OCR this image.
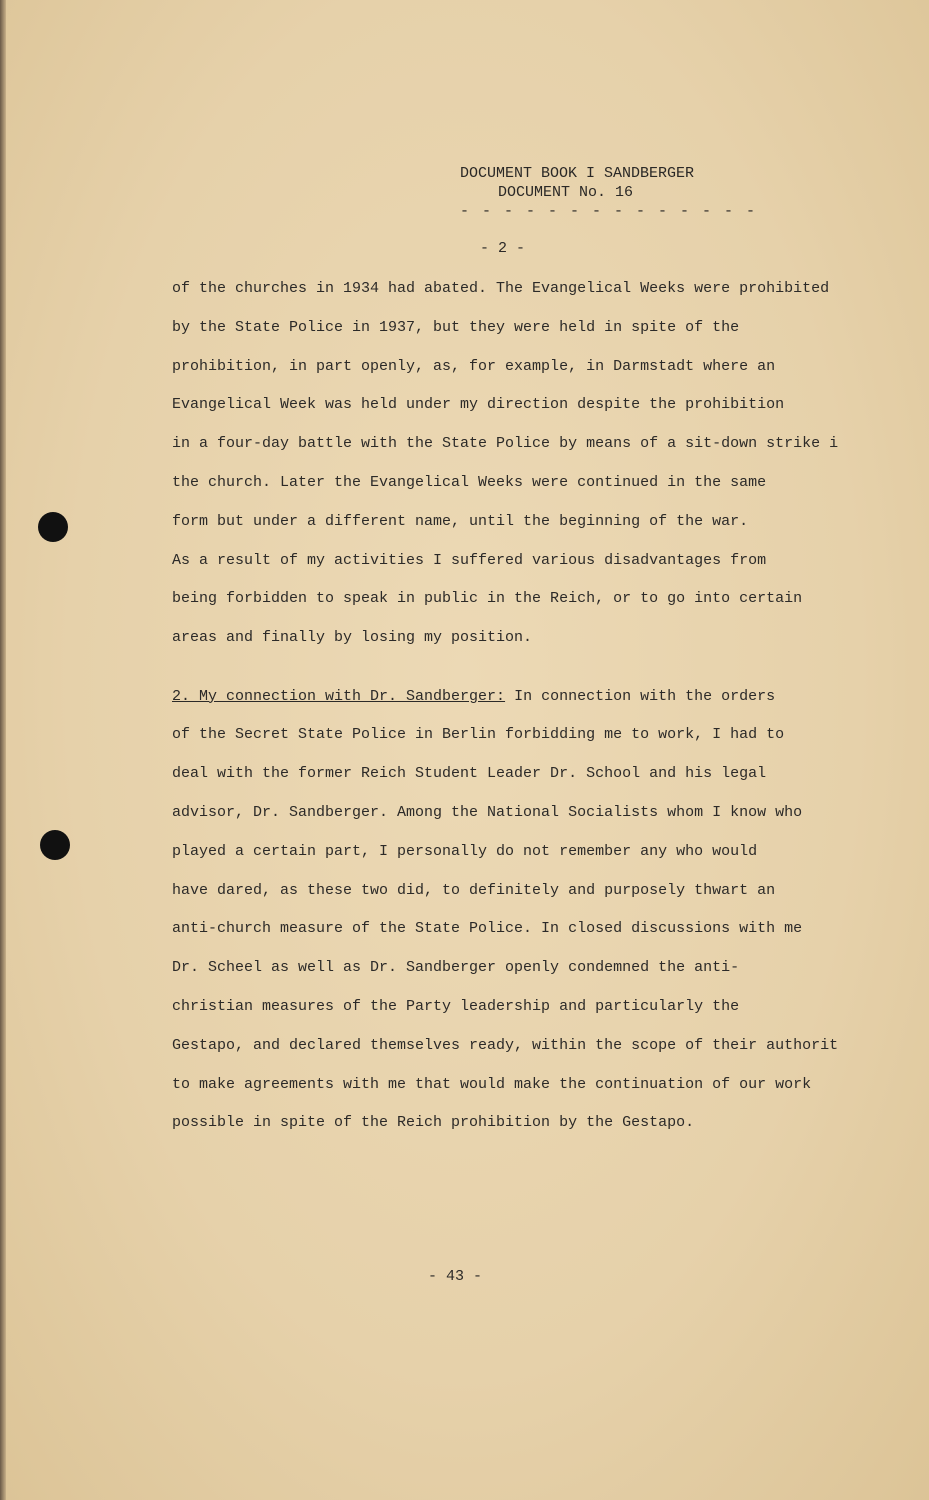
DOCUMENT BOOK I SANDBERGER
DOCUMENT No. 16
- - - - - - - - - - - - - -
- 2 -
of the churches in 1934 had abated. The Evangelical Weeks were prohibited
by the State Police in 1937, but they were held in spite of the
prohibition, in part openly, as, for example, in Darmstadt where an
Evangelical Week was held under my direction despite the prohibition
in a four-day battle with the State Police by means of a sit-down strike i
the church. Later the Evangelical Weeks were continued in the same
form but under a different name, until the beginning of the war.
As a result of my activities I suffered various disadvantages from
being forbidden to speak in public in the Reich, or to go into certain
areas and finally by losing my position.
2. My connection with Dr. Sandberger: In connection with the orders
of the Secret State Police in Berlin forbidding me to work, I had to
deal with the former Reich Student Leader Dr. School and his legal
advisor, Dr. Sandberger. Among the National Socialists whom I know who
played a certain part, I personally do not remember any who would
have dared, as these two did, to definitely and purposely thwart an
anti-church measure of the State Police. In closed discussions with me
Dr. Scheel as well as Dr. Sandberger openly condemned the anti-
christian measures of the Party leadership and particularly the
Gestapo, and declared themselves ready, within the scope of their authorit
to make agreements with me that would make the continuation of our work
possible in spite of the Reich prohibition by the Gestapo.
- 43 -
